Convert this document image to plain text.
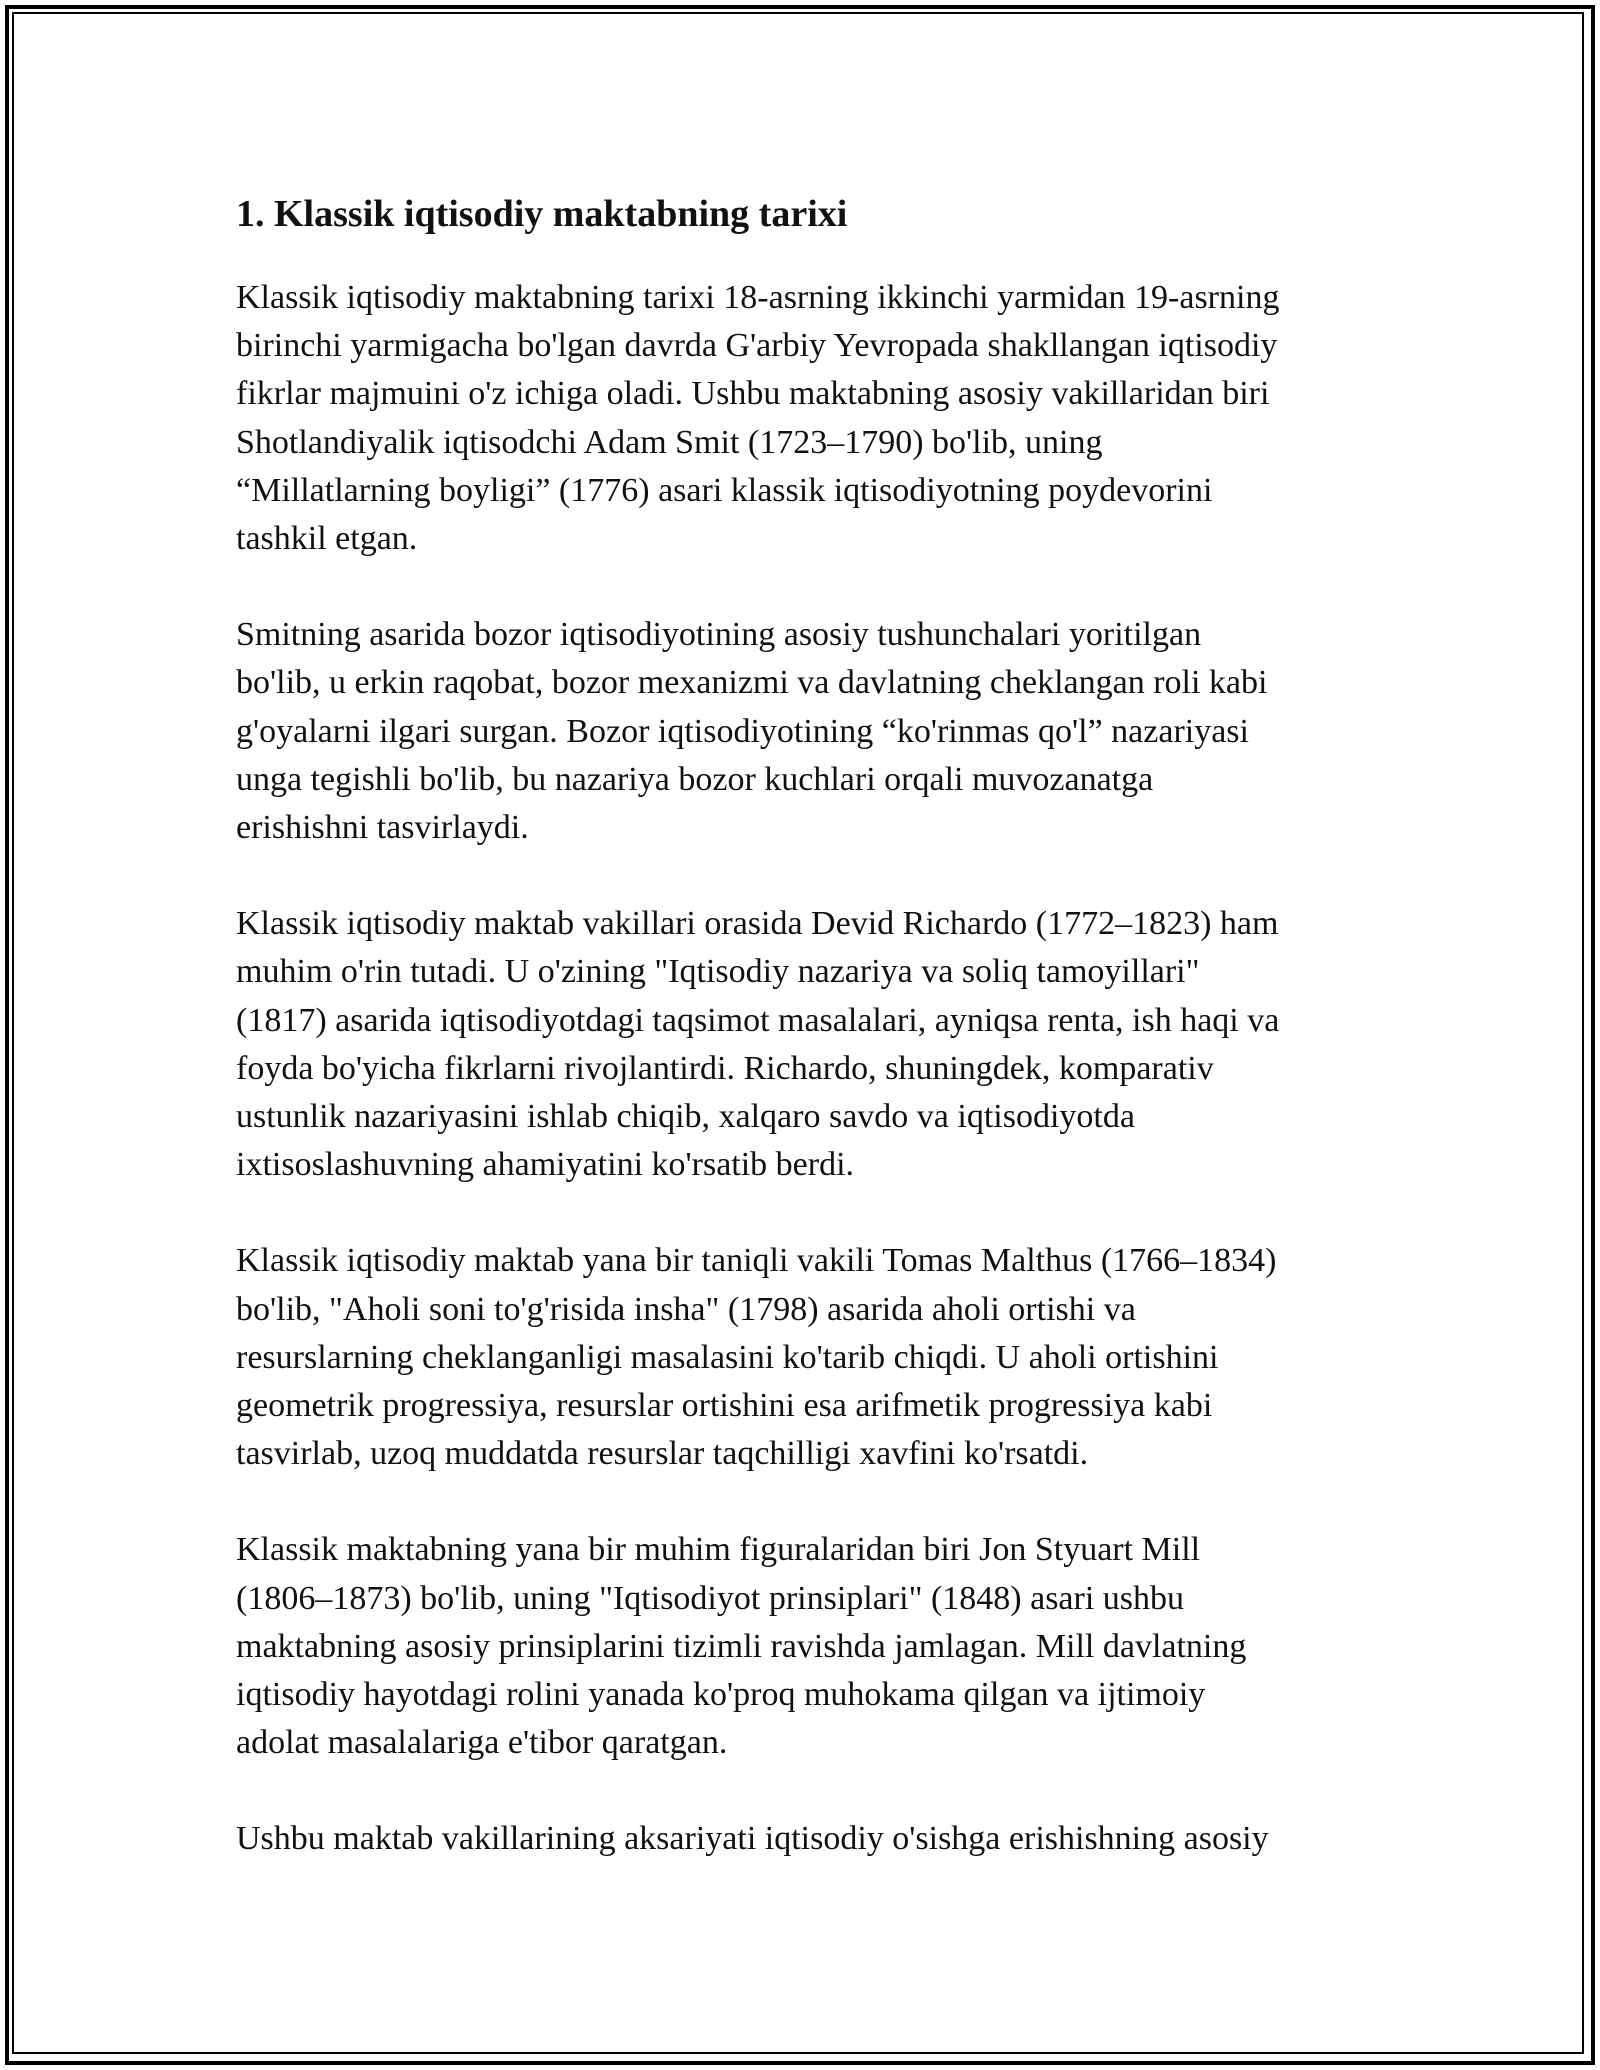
1. Klassik iqtisodiy maktabning tarixi

Klassik iqtisodiy maktabning tarixi 18-asrning ikkinchi yarmidan 19-asrning
birinchi yarmigacha bo'lgan davrda G'arbiy Yevropada shakllangan iqtisodiy
fikrlar majmuini o'z ichiga oladi. Ushbu maktabning asosiy vakillaridan biri
Shotlandiyalik iqtisodchi Adam Smit (1723–1790) bo'lib, uning
“Millatlarning boyligi” (1776) asari klassik iqtisodiyotning poydevorini
tashkil etgan.

Smitning asarida bozor iqtisodiyotining asosiy tushunchalari yoritilgan
bo'lib, u erkin raqobat, bozor mexanizmi va davlatning cheklangan roli kabi
g'oyalarni ilgari surgan. Bozor iqtisodiyotining “ko'rinmas qo'l” nazariyasi
unga tegishli bo'lib, bu nazariya bozor kuchlari orqali muvozanatga
erishishni tasvirlaydi.

Klassik iqtisodiy maktab vakillari orasida Devid Richardo (1772–1823) ham
muhim o'rin tutadi. U o'zining "Iqtisodiy nazariya va soliq tamoyillari"
(1817) asarida iqtisodiyotdagi taqsimot masalalari, ayniqsa renta, ish haqi va
foyda bo'yicha fikrlarni rivojlantirdi. Richardo, shuningdek, komparativ
ustunlik nazariyasini ishlab chiqib, xalqaro savdo va iqtisodiyotda
ixtisoslashuvning ahamiyatini ko'rsatib berdi.

Klassik iqtisodiy maktab yana bir taniqli vakili Tomas Malthus (1766–1834)
bo'lib, "Aholi soni to'g'risida insha" (1798) asarida aholi ortishi va
resurslarning cheklanganligi masalasini ko'tarib chiqdi. U aholi ortishini
geometrik progressiya, resurslar ortishini esa arifmetik progressiya kabi
tasvirlab, uzoq muddatda resurslar taqchilligi xavfini ko'rsatdi.

Klassik maktabning yana bir muhim figuralaridan biri Jon Styuart Mill
(1806–1873) bo'lib, uning "Iqtisodiyot prinsiplari" (1848) asari ushbu
maktabning asosiy prinsiplarini tizimli ravishda jamlagan. Mill davlatning
iqtisodiy hayotdagi rolini yanada ko'proq muhokama qilgan va ijtimoiy
adolat masalalariga e'tibor qaratgan.

Ushbu maktab vakillarining aksariyati iqtisodiy o'sishga erishishning asosiy
